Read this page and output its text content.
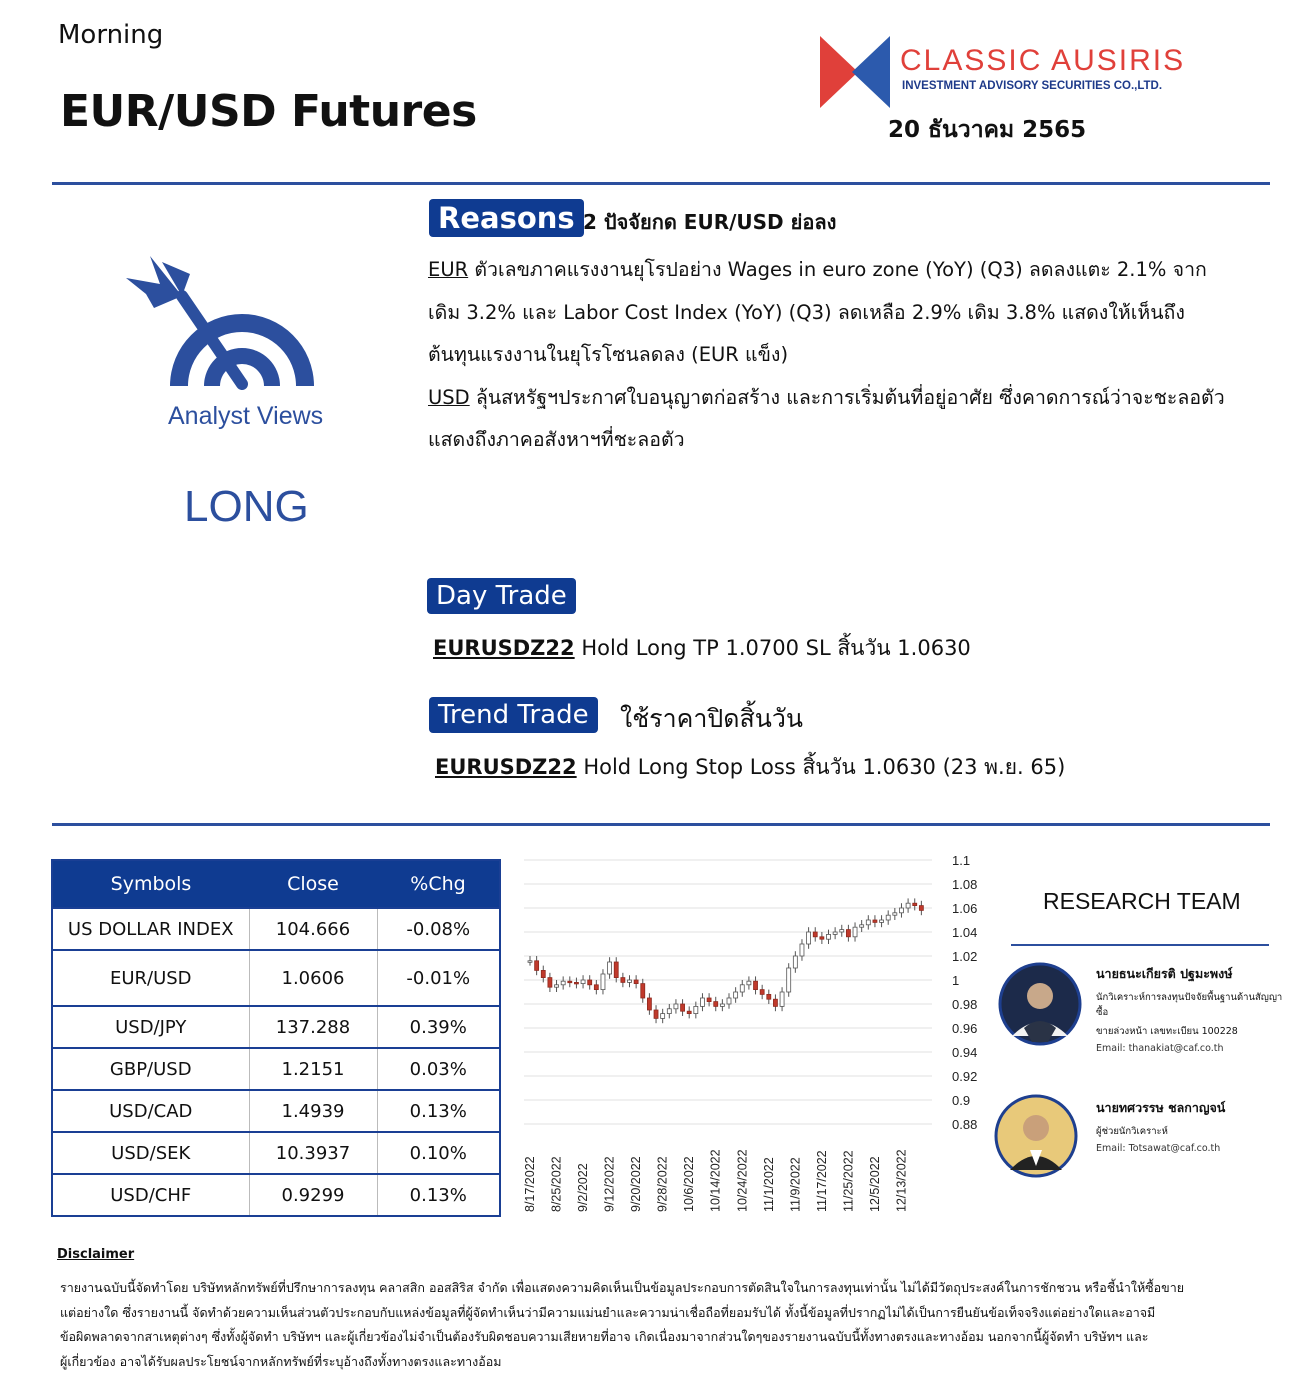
Morning
EUR/USD Futures
CLASSIC AUSIRIS
INVESTMENT ADVISORY SECURITIES CO.,LTD.
20 ธันวาคม 2565
Analyst Views
LONG
Reasons 2 ปัจจัยกด EUR/USD ย่อลง
EUR ตัวเลขภาคแรงงานยุโรปอย่าง Wages in euro zone (YoY) (Q3) ลดลงแตะ 2.1% จาก
เดิม 3.2% และ Labor Cost Index (YoY) (Q3) ลดเหลือ 2.9% เดิม 3.8% แสดงให้เห็นถึง
ต้นทุนแรงงานในยุโรโซนลดลง (EUR แข็ง)
USD ลุ้นสหรัฐฯประกาศใบอนุญาตก่อสร้าง และการเริ่มต้นที่อยู่อาศัย ซึ่งคาดการณ์ว่าจะชะลอตัว
แสดงถึงภาคอสังหาฯที่ชะลอตัว
Day Trade
EURUSDZ22 Hold Long TP 1.0700 SL สิ้นวัน 1.0630
Trend Trade	ใช้ราคาปิดสิ้นวัน
EURUSDZ22 Hold Long Stop Loss สิ้นวัน 1.0630 (23 พ.ย. 65)
Symbols	Close	%Chg
US DOLLAR INDEX	104.666	-0.08%
EUR/USD	1.0606	-0.01%
USD/JPY	137.288	0.39%
GBP/USD	1.2151	0.03%
USD/CAD	1.4939	0.13%
USD/SEK	10.3937	0.10%
USD/CHF	0.9299	0.13%
1.1
1.08
1.06
1.04
1.02
1
0.98
0.96
0.94
0.92
0.9
0.88
8/17/2022 8/25/2022 9/2/2022 9/12/2022 9/20/2022 9/28/2022 10/6/2022 10/14/2022 10/24/2022 11/1/2022 11/9/2022 11/17/2022 11/25/2022 12/5/2022 12/13/2022
RESEARCH TEAM
นายธนะเกียรติ ปฐมะพงษ์
นักวิเคราะห์การลงทุนปัจจัยพื้นฐานด้านสัญญาซื้อ
ขายล่วงหน้า เลขทะเบียน 100228
Email: thanakiat@caf.co.th
นายทศวรรษ ชลกาญจน์
ผู้ช่วยนักวิเคราะห์
Email: Totsawat@caf.co.th
Disclaimer
รายงานฉบับนี้จัดทำโดย บริษัทหลักทรัพย์ที่ปรึกษาการลงทุน คลาสสิก ออสสิริส จำกัด เพื่อแสดงความคิดเห็นเป็นข้อมูลประกอบการตัดสินใจในการลงทุนเท่านั้น ไม่ได้มีวัตถุประสงค์ในการชักชวน หรือชี้นำให้ซื้อขาย
แต่อย่างใด ซึ่งรายงานนี้ จัดทำด้วยความเห็นส่วนตัวประกอบกับแหล่งข้อมูลที่ผู้จัดทำเห็นว่ามีความแม่นยำและความน่าเชื่อถือที่ยอมรับได้ ทั้งนี้ข้อมูลที่ปรากฏไม่ได้เป็นการยืนยันข้อเท็จจริงแต่อย่างใดและอาจมี
ข้อผิดพลาดจากสาเหตุต่างๆ ซึ่งทั้งผู้จัดทำ บริษัทฯ และผู้เกี่ยวข้องไม่จำเป็นต้องรับผิดชอบความเสียหายที่อาจ เกิดเนื่องมาจากส่วนใดๆของรายงานฉบับนี้ทั้งทางตรงและทางอ้อม นอกจากนี้ผู้จัดทำ บริษัทฯ และ
ผู้เกี่ยวข้อง อาจได้รับผลประโยชน์จากหลักทรัพย์ที่ระบุอ้างถึงทั้งทางตรงและทางอ้อม
